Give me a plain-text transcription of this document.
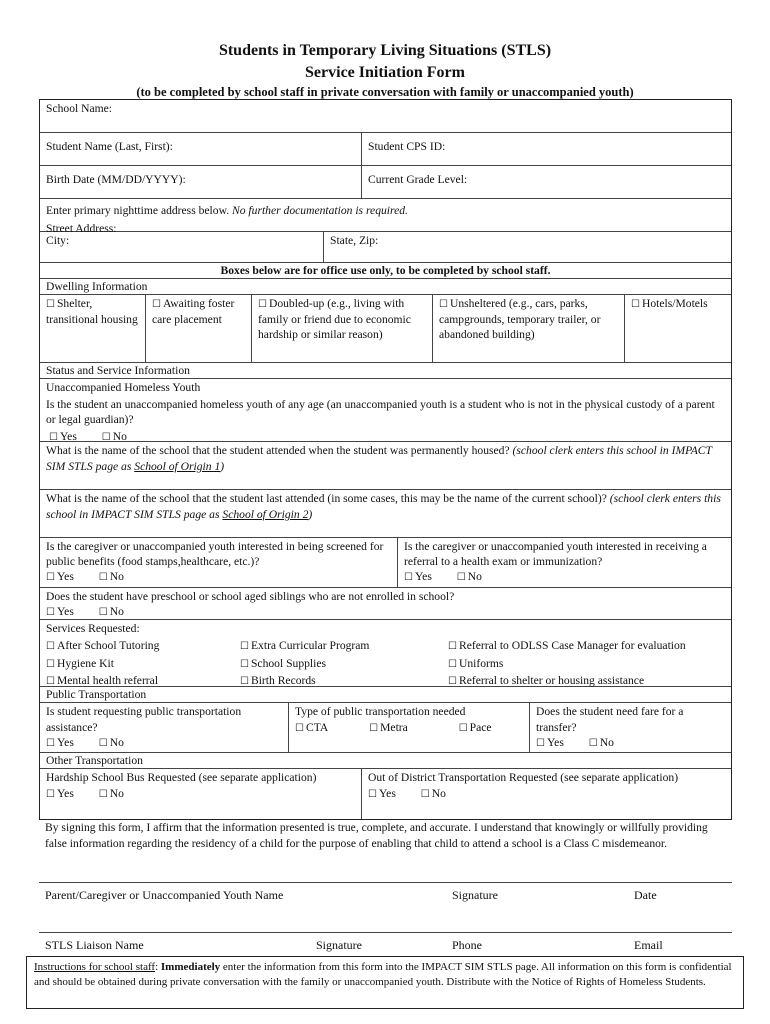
Students in Temporary Living Situations (STLS)
Service Initiation Form
(to be completed by school staff in private conversation with family or unaccompanied youth)
School Name:
Student Name (Last, First):	Student CPS ID:
Birth Date (MM/DD/YYYY):	Current Grade Level:
Enter primary nighttime address below. No further documentation is required.
Street Address:
City:	State, Zip:
Boxes below are for office use only, to be completed by school staff.
Dwelling Information
☐ Shelter, transitional housing
☐ Awaiting foster care placement
☐ Doubled-up (e.g., living with family or friend due to economic hardship or similar reason)
☐ Unsheltered (e.g., cars, parks, campgrounds, temporary trailer, or abandoned building)
☐ Hotels/Motels
Status and Service Information
Unaccompanied Homeless Youth
Is the student an unaccompanied homeless youth of any age (an unaccompanied youth is a student who is not in the physical custody of a parent or legal guardian)?
☐ Yes	☐ No
What is the name of the school that the student attended when the student was permanently housed? (school clerk enters this school in IMPACT SIM STLS page as School of Origin 1)
What is the name of the school that the student last attended (in some cases, this may be the name of the current school)? (school clerk enters this school in IMPACT SIM STLS page as School of Origin 2)
Is the caregiver or unaccompanied youth interested in being screened for public benefits (food stamps,healthcare, etc.)?
☐ Yes	☐ No
Is the caregiver or unaccompanied youth interested in receiving a referral to a health exam or immunization?
☐ Yes	☐ No
Does the student have preschool or school aged siblings who are not enrolled in school?
☐ Yes	☐ No
Services Requested:
☐ After School Tutoring	☐ Extra Curricular Program	☐ Referral to ODLSS Case Manager for evaluation
☐ Hygiene Kit	☐ School Supplies	☐ Uniforms
☐ Mental health referral	☐ Birth Records	☐ Referral to shelter or housing assistance
Public Transportation
Is student requesting public transportation assistance?
☐ Yes	☐ No
Type of public transportation needed
☐ CTA	☐ Metra	☐ Pace
Does the student need fare for a transfer?
☐ Yes	☐ No
Other Transportation
Hardship School Bus Requested (see separate application)
☐ Yes	☐ No
Out of District Transportation Requested (see separate application)
☐ Yes	☐ No
By signing this form, I affirm that the information presented is true, complete, and accurate. I understand that knowingly or willfully providing false information regarding the residency of a child for the purpose of enabling that child to attend a school is a Class C misdemeanor.
Parent/Caregiver or Unaccompanied Youth Name	Signature	Date
STLS Liaison Name	Signature	Phone	Email
Instructions for school staff: Immediately enter the information from this form into the IMPACT SIM STLS page. All information on this form is confidential and should be obtained during private conversation with the family or unaccompanied youth. Distribute with the Notice of Rights of Homeless Students.
